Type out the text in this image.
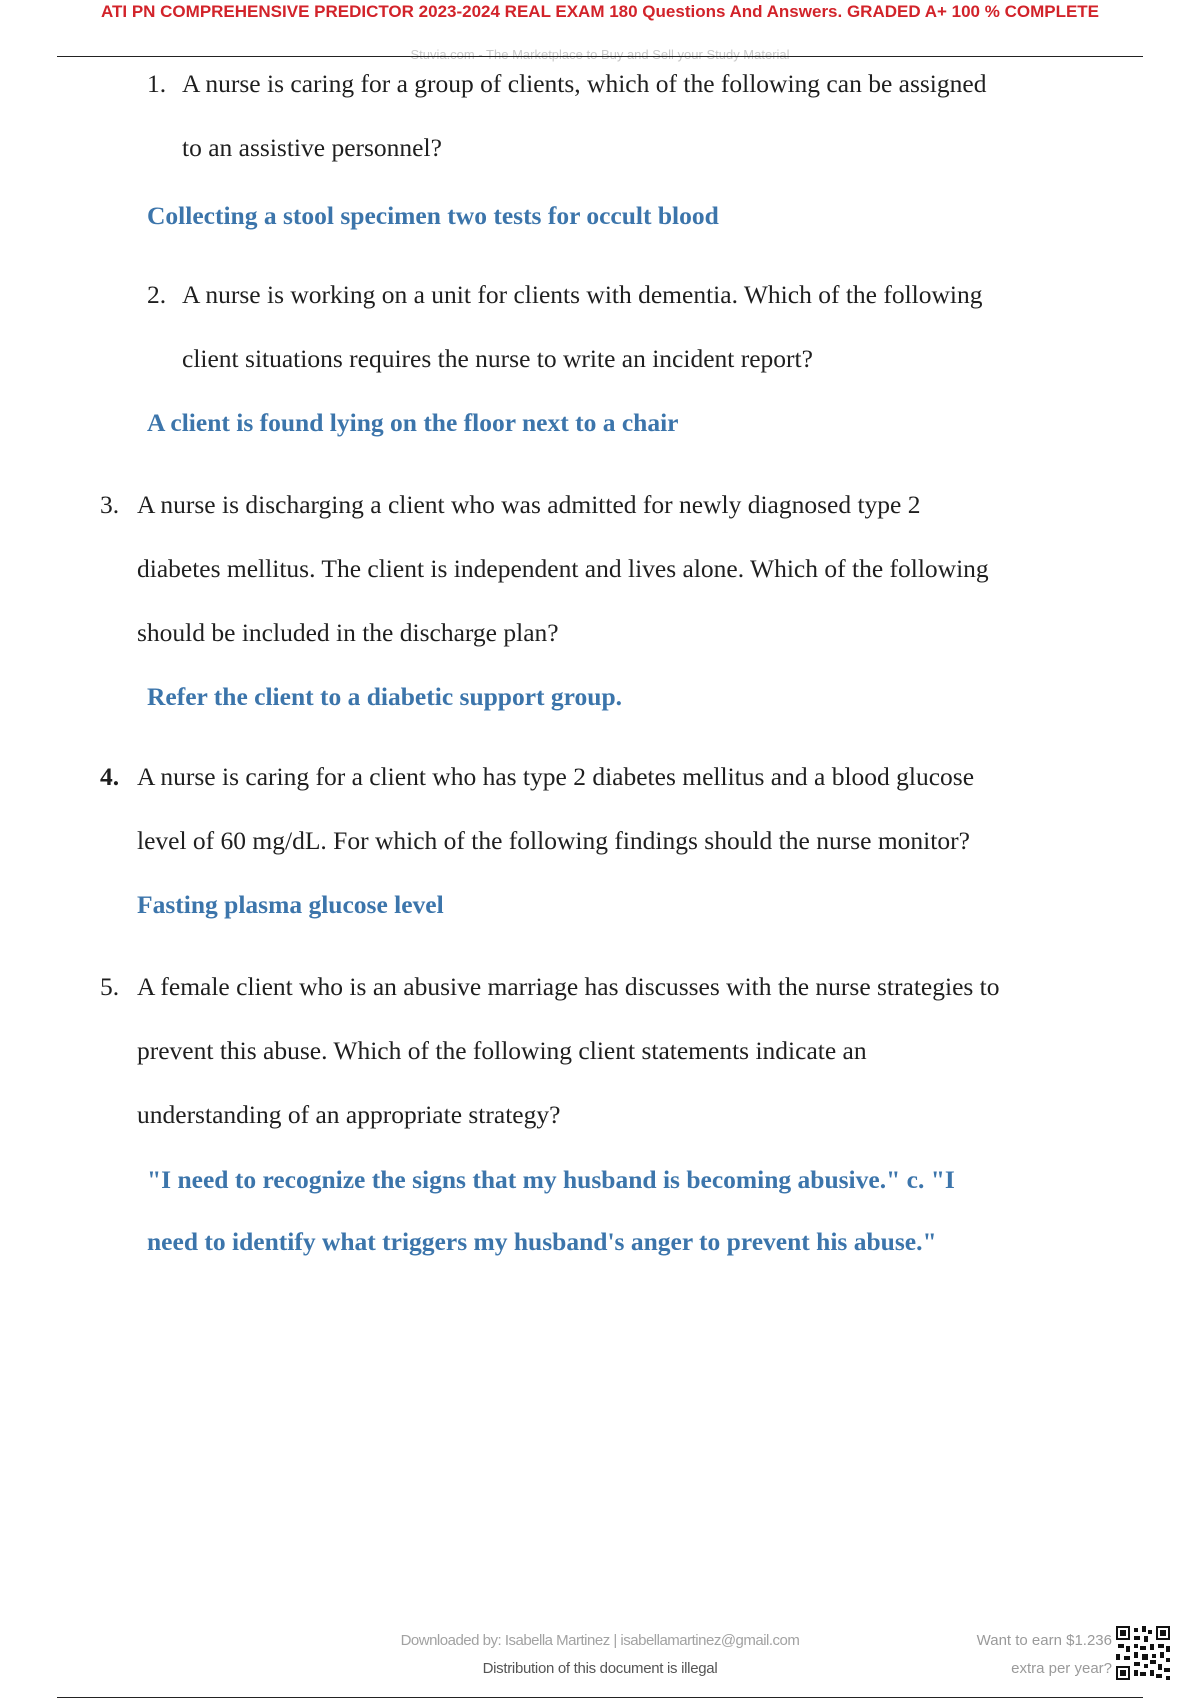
ATI PN COMPREHENSIVE PREDICTOR 2023-2024 REAL EXAM 180 Questions And Answers. GRADED A+ 100 % COMPLETE
Stuvia.com - The Marketplace to Buy and Sell your Study Material
1. A nurse is caring for a group of clients, which of the following can be assigned
to an assistive personnel?
Collecting a stool specimen two tests for occult blood
2. A nurse is working on a unit for clients with dementia. Which of the following
client situations requires the nurse to write an incident report?
A client is found lying on the floor next to a chair
3. A nurse is discharging a client who was admitted for newly diagnosed type 2
diabetes mellitus. The client is independent and lives alone. Which of the following
should be included in the discharge plan?
Refer the client to a diabetic support group.
4. A nurse is caring for a client who has type 2 diabetes mellitus and a blood glucose
level of 60 mg/dL. For which of the following findings should the nurse monitor?
Fasting plasma glucose level
5. A female client who is an abusive marriage has discusses with the nurse strategies to
prevent this abuse. Which of the following client statements indicate an
understanding of an appropriate strategy?
"I need to recognize the signs that my husband is becoming abusive." c. "I
need to identify what triggers my husband's anger to prevent his abuse."
Downloaded by: Isabella Martinez | isabellamartinez@gmail.com
Distribution of this document is illegal
Want to earn $1.236
extra per year?
